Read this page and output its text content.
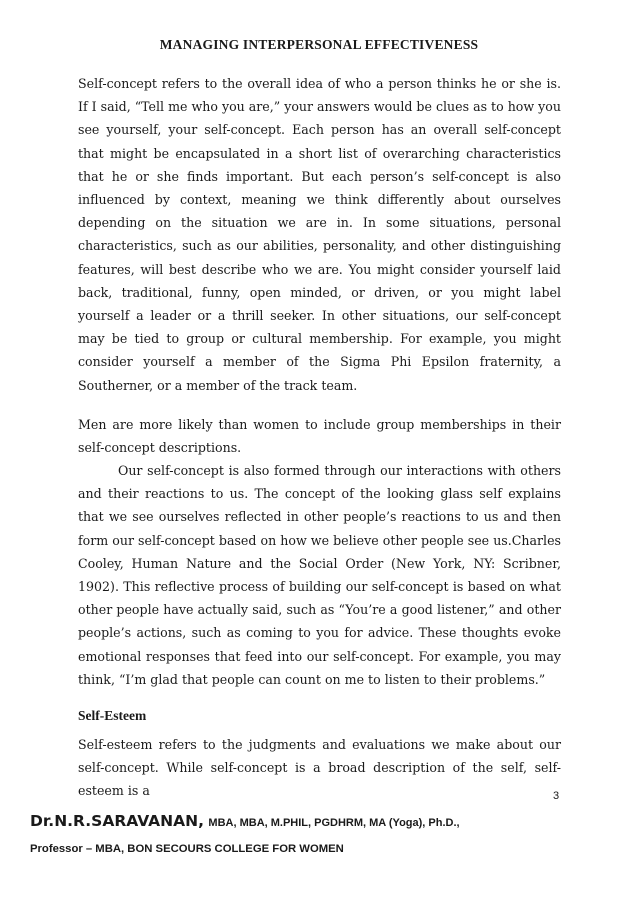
MANAGING INTERPERSONAL EFFECTIVENESS

Self-concept refers to the overall idea of who a person thinks he or she is. If I said, “Tell me who you are,” your answers would be clues as to how you see yourself, your self-concept. Each person has an overall self-concept that might be encapsulated in a short list of overarching characteristics that he or she finds important. But each person’s self-concept is also influenced by context, meaning we think differently about ourselves depending on the situation we are in. In some situations, personal characteristics, such as our abilities, personality, and other distinguishing features, will best describe who we are. You might consider yourself laid back, traditional, funny, open minded, or driven, or you might label yourself a leader or a thrill seeker. In other situations, our self-concept may be tied to group or cultural membership. For example, you might consider yourself a member of the Sigma Phi Epsilon fraternity, a Southerner, or a member of the track team.

Men are more likely than women to include group memberships in their self-concept descriptions.

Our self-concept is also formed through our interactions with others and their reactions to us. The concept of the looking glass self explains that we see ourselves reflected in other people’s reactions to us and then form our self-concept based on how we believe other people see us.Charles Cooley, Human Nature and the Social Order (New York, NY: Scribner, 1902). This reflective process of building our self-concept is based on what other people have actually said, such as “You’re a good listener,” and other people’s actions, such as coming to you for advice. These thoughts evoke emotional responses that feed into our self-concept. For example, you may think, “I’m glad that people can count on me to listen to their problems.”

Self-Esteem

Self-esteem refers to the judgments and evaluations we make about our self-concept. While self-concept is a broad description of the self, self-esteem is a	3
Dr.N.R.SARAVANAN, MBA, MBA, M.PHIL, PGDHRM, MA (Yoga), Ph.D.,
Professor – MBA, BON SECOURS COLLEGE FOR WOMEN
